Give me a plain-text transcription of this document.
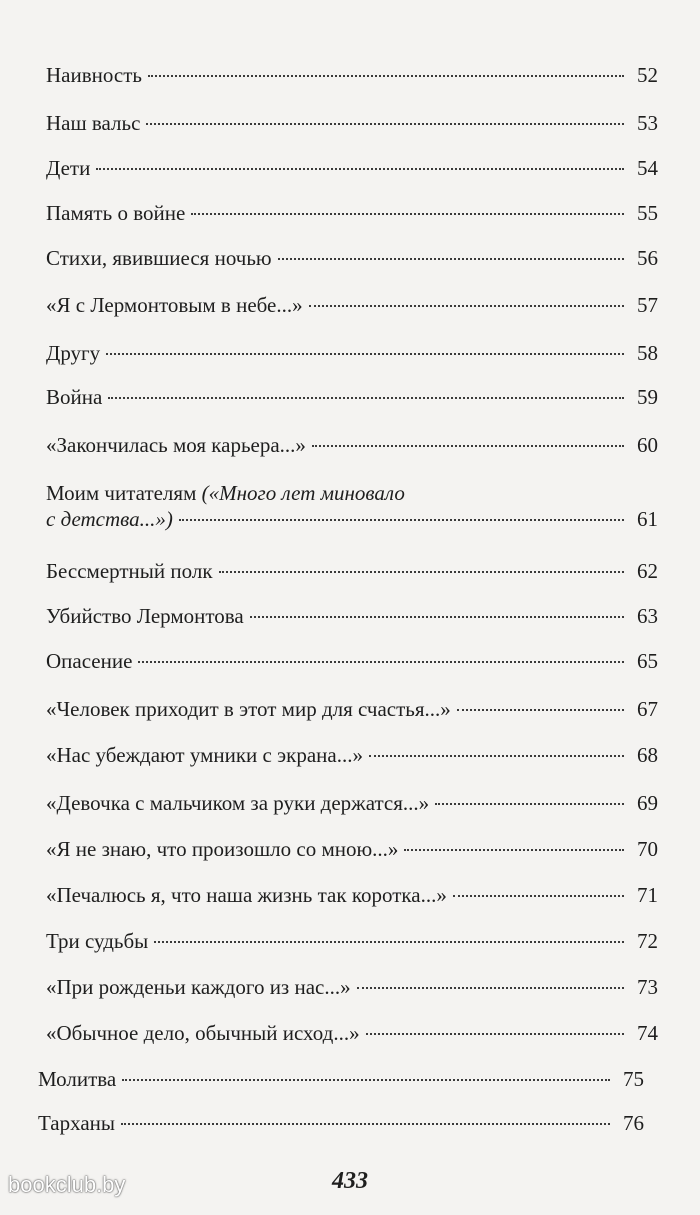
Наивность	52
Наш вальс	53
Дети	54
Память о войне	55
Стихи, явившиеся ночью	56
«Я с Лермонтовым в небе...»	57
Другу	58
Война	59
«Закончилась моя карьера...»	60
Моим читателям («Много лет миновало
с детства...»)	61
Бессмертный полк	62
Убийство Лермонтова	63
Опасение	65
«Человек приходит в этот мир для счастья...»	67
«Нас убеждают умники с экрана...»	68
«Девочка с мальчиком за руки держатся...»	69
«Я не знаю, что произошло со мною...»	70
«Печалюсь я, что наша жизнь так коротка...»	71
Три судьбы	72
«При рожденьи каждого из нас...»	73
«Обычное дело, обычный исход...»	74
Молитва	75
Тарханы	76
433
bookclub.by
